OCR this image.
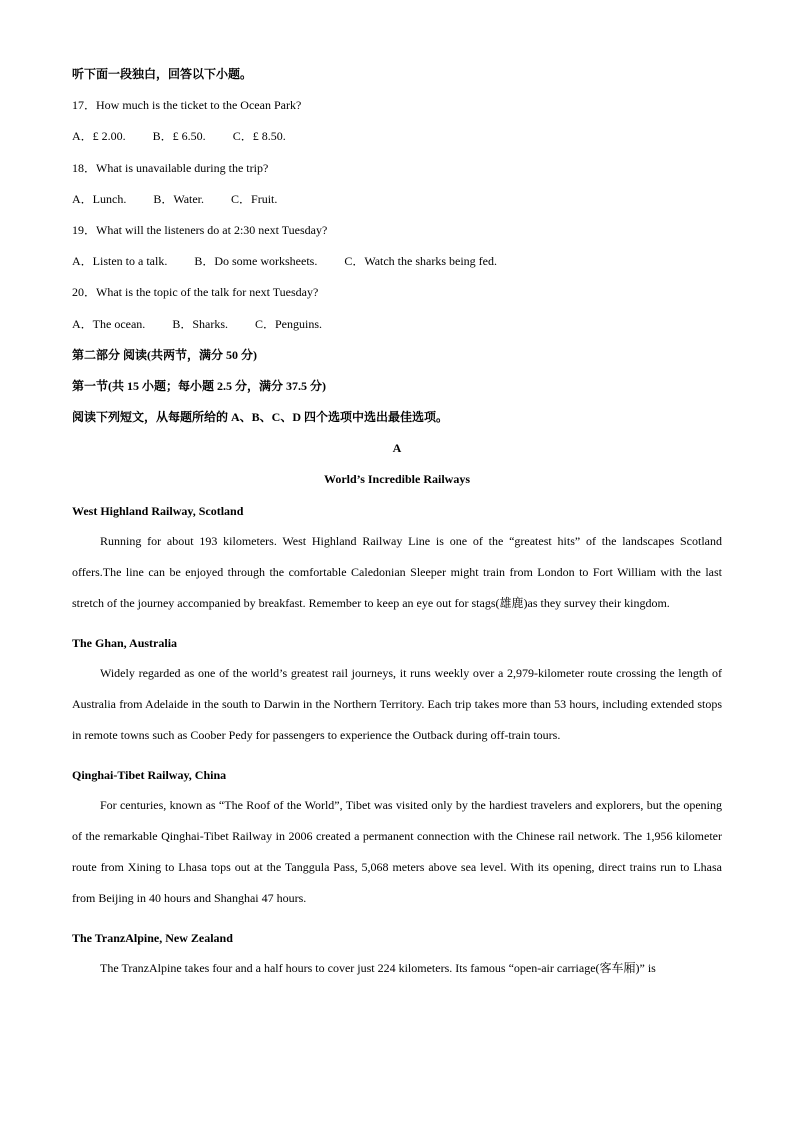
听下面一段独白，回答以下小题。
17．How much is the ticket to the Ocean Park?
A．£ 2.00. B．£ 6.50. C．£ 8.50.
18．What is unavailable during the trip?
A．Lunch. B．Water. C．Fruit.
19．What will the listeners do at 2:30 next Tuesday?
A．Listen to a talk. B．Do some worksheets. C．Watch the sharks being fed.
20．What is the topic of the talk for next Tuesday?
A．The ocean. B．Sharks. C．Penguins.
第二部分 阅读(共两节，满分 50 分)
第一节(共 15 小题；每小题 2.5 分，满分 37.5 分)
阅读下列短文，从每题所给的 A、B、C、D 四个选项中选出最佳选项。
A
World’s Incredible Railways
West Highland Railway, Scotland

Running for about 193 kilometers. West Highland Railway Line is one of the “greatest hits” of the landscapes Scotland offers.The line can be enjoyed through the comfortable Caledonian Sleeper might train from London to Fort William with the last stretch of the journey accompanied by breakfast. Remember to keep an eye out for stags(雄鹿)as they survey their kingdom.

The Ghan, Australia

Widely regarded as one of the world’s greatest rail journeys, it runs weekly over a 2,979-kilometer route crossing the length of Australia from Adelaide in the south to Darwin in the Northern Territory. Each trip takes more than 53 hours, including extended stops in remote towns such as Coober Pedy for passengers to experience the Outback during off-train tours.

Qinghai-Tibet Railway, China

For centuries, known as “The Roof of the World”, Tibet was visited only by the hardiest travelers and explorers, but the opening of the remarkable Qinghai-Tibet Railway in 2006 created a permanent connection with the Chinese rail network. The 1,956 kilometer route from Xining to Lhasa tops out at the Tanggula Pass, 5,068 meters above sea level. With its opening, direct trains run to Lhasa from Beijing in 40 hours and Shanghai 47 hours.

The TranzAlpine, New Zealand

The TranzAlpine takes four and a half hours to cover just 224 kilometers. Its famous “open-air carriage(客车厢)” is
